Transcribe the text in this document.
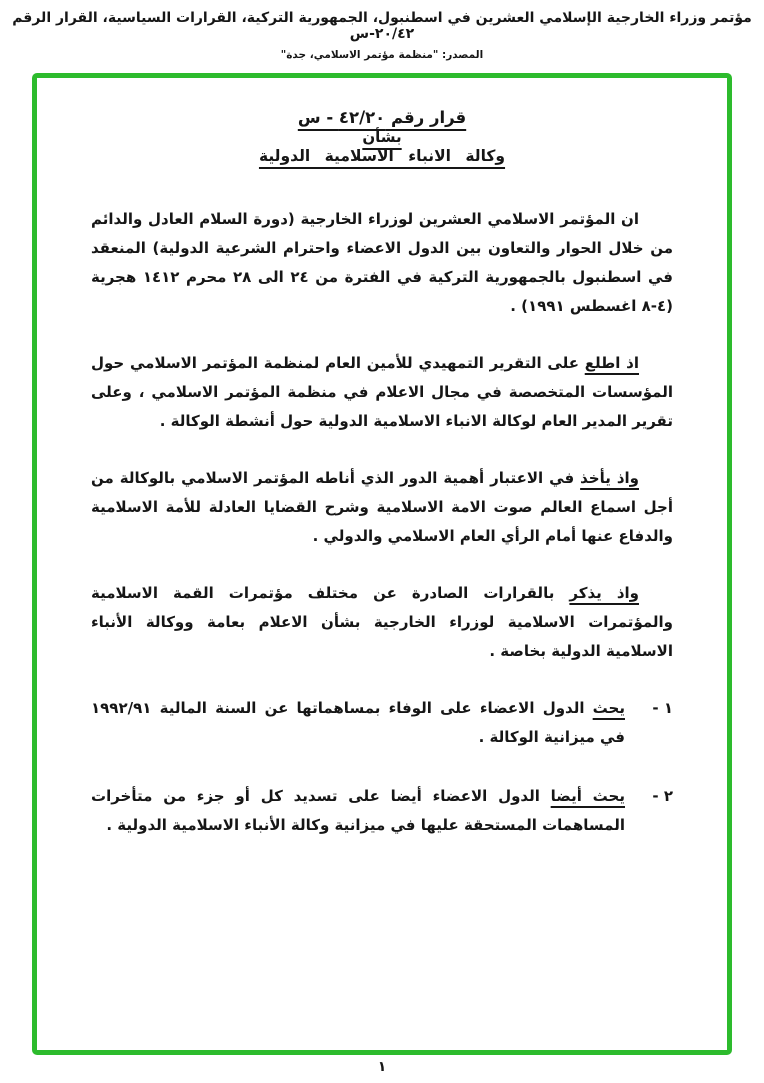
مؤتمر وزراء الخارجية الإسلامي العشرين في اسطنبول، الجمهورية التركية، القرارات السياسية، القرار الرقم ٢٠/٤٢-س
المصدر: "منظمة مؤتمر الاسلامي، جدة"
قرار رقم ٤٢/٢٠ - س
بشأن
وكالة الانباء الاسلامية الدولية

ان المؤتمر الاسلامي العشرين لوزراء الخارجية (دورة السلام العادل والدائم من خلال الحوار والتعاون بين الدول الاعضاء واحترام الشرعية الدولية) المنعقد في اسطنبول بالجمهورية التركية في الفترة من ٢٤ الى ٢٨ محرم ١٤١٢ هجرية (٤-٨ اغسطس ١٩٩١) .

اذ اطلع على التقرير التمهيدي للأمين العام لمنظمة المؤتمر الاسلامي حول المؤسسات المتخصصة في مجال الاعلام في منظمة المؤتمر الاسلامي ، وعلى تقرير المدير العام لوكالة الانباء الاسلامية الدولية حول أنشطة الوكالة .

واذ يأخذ في الاعتبار أهمية الدور الذي أناطه المؤتمر الاسلامي بالوكالة من أجل اسماع العالم صوت الامة الاسلامية وشرح القضايا العادلة للأمة الاسلامية والدفاع عنها أمام الرأي العام الاسلامي والدولي .

واذ يذكر بالقرارات الصادرة عن مختلف مؤتمرات القمة الاسلامية والمؤتمرات الاسلامية لوزراء الخارجية بشأن الاعلام بعامة ووكالة الأنباء الاسلامية الدولية بخاصة .

١ -
يحث الدول الاعضاء على الوفاء بمساهماتها عن السنة المالية ١٩٩٢/٩١ في ميزانية الوكالة .
٢ -
يحث أيضا الدول الاعضاء أيضا على تسديد كل أو جزء من متأخرات المساهمات المستحقة عليها في ميزانية وكالة الأنباء الاسلامية الدولية .
١
